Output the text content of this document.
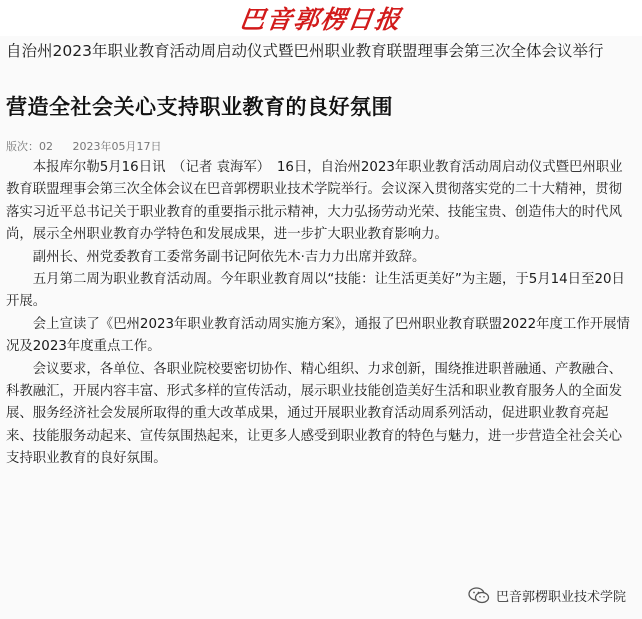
巴音郭楞日报
自治州2023年职业教育活动周启动仪式暨巴州职业教育联盟理事会第三次全体会议举行
营造全社会关心支持职业教育的良好氛围
版次：02 2023年05月17日

本报库尔勒5月16日讯　（记者 袁海军）　16日，自治州2023年职业教育活动周启动仪式暨巴州职业教育联盟理事会第三次全体会议在巴音郭楞职业技术学院举行。会议深入贯彻落实党的二十大精神，贯彻落实习近平总书记关于职业教育的重要指示批示精神，大力弘扬劳动光荣、技能宝贵、创造伟大的时代风尚，展示全州职业教育办学特色和发展成果，进一步扩大职业教育影响力。

副州长、州党委教育工委常务副书记阿依先木·吉力力出席并致辞。

五月第二周为职业教育活动周。今年职业教育周以“技能：让生活更美好”为主题，于5月14日至20日开展。

会上宣读了《巴州2023年职业教育活动周实施方案》，通报了巴州职业教育联盟2022年度工作开展情况及2023年度重点工作。

会议要求，各单位、各职业院校要密切协作、精心组织、力求创新，围绕推进职普融通、产教融合、科教融汇，开展内容丰富、形式多样的宣传活动，展示职业技能创造美好生活和职业教育服务人的全面发展、服务经济社会发展所取得的重大改革成果，通过开展职业教育活动周系列活动，促进职业教育亮起来、技能服务动起来、宣传氛围热起来，让更多人感受到职业教育的特色与魅力，进一步营造全社会关心支持职业教育的良好氛围。

巴音郭楞职业技术学院
